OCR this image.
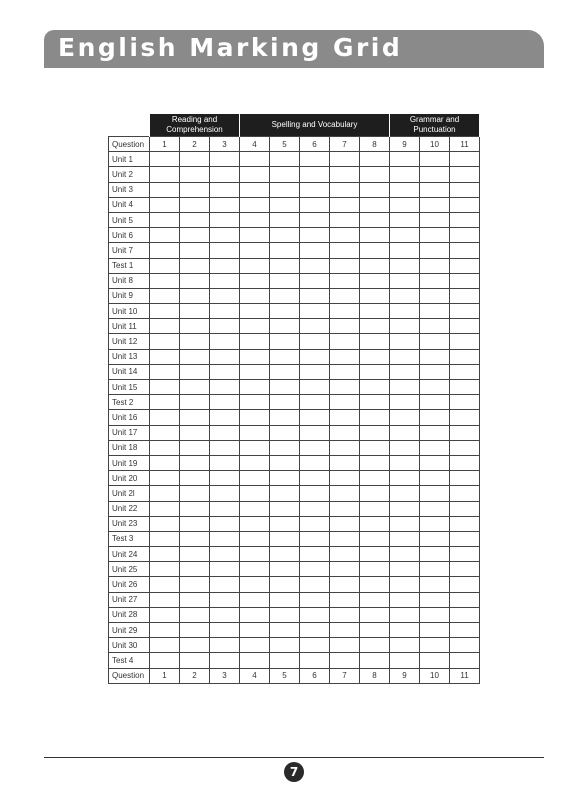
English Marking Grid
	Reading and Comprehension			Spelling and Vocabulary					Grammar and Punctuation		
Question	1	2	3	4	5	6	7	8	9	10	11
Unit 1											
Unit 2											
Unit 3											
Unit 4											
Unit 5											
Unit 6											
Unit 7											
Test 1											
Unit 8											
Unit 9											
Unit 10											
Unit 11											
Unit 12											
Unit 13											
Unit 14											
Unit 15											
Test 2											
Unit 16											
Unit 17											
Unit 18											
Unit 19											
Unit 20											
Unit 2l											
Unit 22											
Unit 23											
Test 3											
Unit 24											
Unit 25											
Unit 26											
Unit 27											
Unit 28											
Unit 29											
Unit 30											
Test 4											
Question	1	2	3	4	5	6	7	8	9	10	11
7
